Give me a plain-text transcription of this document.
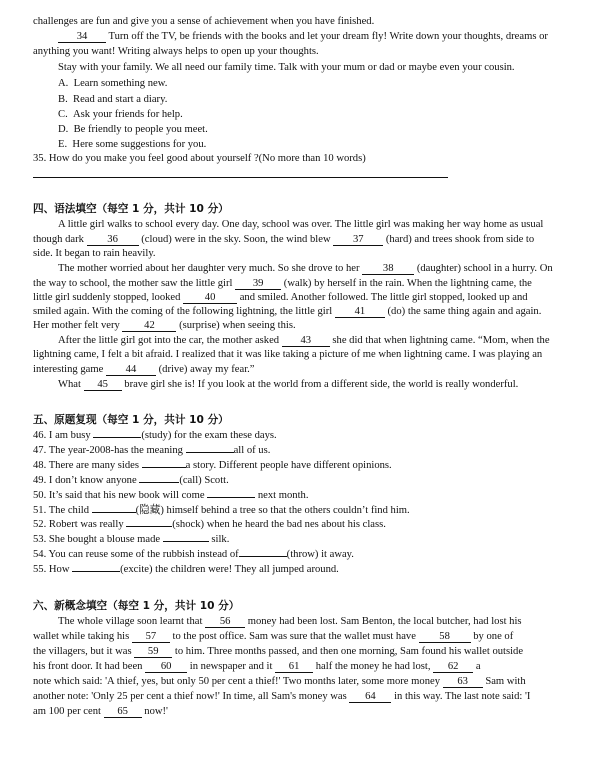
challenges are fun and give you a sense of achievement when you have finished.
34 Turn off the TV, be friends with the books and let your dream fly! Write down your thoughts, dreams or
anything you want! Writing always helps to open up your thoughts.
Stay with your family. We all need our family time. Talk with your mum or dad or maybe even your cousin.
A. Learn something new.
B. Read and start a diary.
C. Ask your friends for help.
D. Be friendly to people you meet.
E. Here some suggestions for you.
35. How do you make you feel good about yourself ?(No more than 10 words)
四、语法填空（每空 1 分，共计 10 分）
A little girl walks to school every day. One day, school was over. The little girl was making her way home as usual
though dark 36 (cloud) were in the sky. Soon, the wind blew 37 (hard) and trees shook from side to
side. It began to rain heavily.
The mother worried about her daughter very much. So she drove to her 38 (daughter) school in a hurry. On
the way to school, the mother saw the little girl 39 (walk) by herself in the rain. When the lightning came, the
little girl suddenly stopped, looked 40 and smiled. Another followed. The little girl stopped, looked up and
smiled again. With the coming of the following lightning, the little girl 41 (do) the same thing again and again.
Her mother felt very 42 (surprise) when seeing this.
After the little girl got into the car, the mother asked 43 she did that when lightning came. “Mom, when the
lightning came, I felt a bit afraid. I realized that it was like taking a picture of me when lightning came. I was playing an
interesting game 44 (drive) away my fear.”
What 45 brave girl she is! If you look at the world from a different side, the world is really wonderful.
五、原题复现（每空 1 分，共计 10 分）
46. I am busy	(study) for the exam these days.
47. The year-2008-has the meaning	all of us.
48. There are many sides	a story. Different people have different opinions.
49. I don’t know anyone	(call) Scott.
50. It’s said that his new book will come	next month.
51. The child	(隐藏) himself behind a tree so that the others couldn’t find him.
52. Robert was really	(shock) when he heard the bad nes about his class.
53. She bought a blouse made	silk.
54. You can reuse some of the rubbish instead of	(throw) it away.
55. How	(excite) the children were! They all jumped around.
六、新概念填空（每空 1 分，共计 10 分）
The whole village soon learnt that 56 money had been lost. Sam Benton, the local butcher, had lost his
wallet while taking his 57 to the post office. Sam was sure that the wallet must have 58 by one of
the villagers, but it was 59 to him. Three months passed, and then one morning, Sam found his wallet outside
his front door. It had been 60 in newspaper and it 61 half the money he had lost, 62 a
note which said: 'A thief, yes, but only 50 per cent a thief!' Two months later, some more money 63 Sam with
another note: 'Only 25 per cent a thief now!' In time, all Sam's money was 64 in this way. The last note said: 'I
am 100 per cent 65 now!'
